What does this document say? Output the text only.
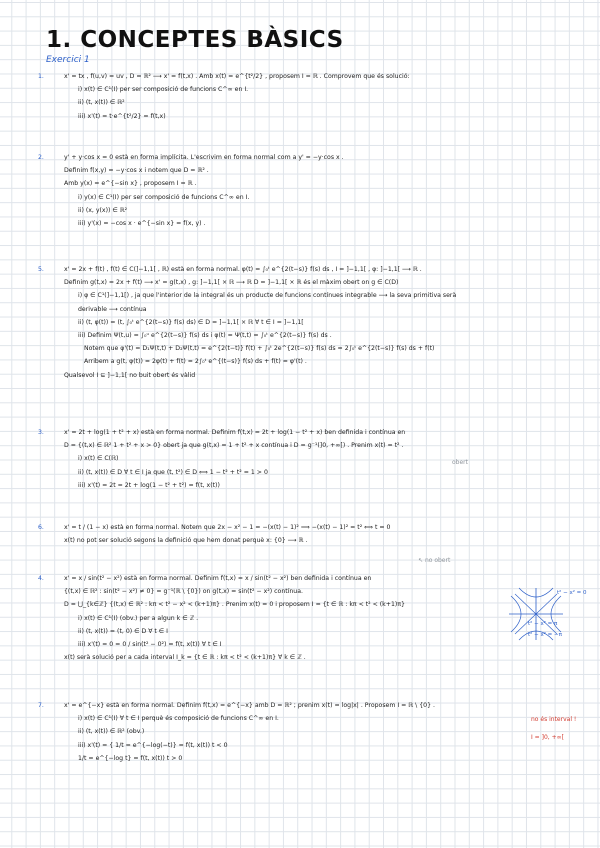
1. CONCEPTES BÀSICS
Exercici 1
1.	x' = tx , f(u,v) = uv , D = ℝ² ⟶ x' = f(t,x) . Amb x(t) = e^{t²/2} , proposem I = ℝ . Comprovem que és solució:
i) x(t) ∈ C¹(I) per ser composició de funcions C^∞ en I.
ii) (t, x(t)) ∈ ℝ²
iii) x'(t) = t·e^{t²/2} = f(t,x)
2.	y' + y·cos x = 0 està en forma implícita. L'escrivim en forma normal com a y' = −y·cos x .
Definim f(x,y) = −y·cos x i notem que D = ℝ² .
Amb y(x) = e^{−sin x} , proposem I = ℝ .
i) y(x) ∈ C¹(I) per ser composició de funcions C^∞ en I.
ii) (x, y(x)) ∈ ℝ²
iii) y'(x) = −cos x · e^{−sin x} = f(x, y) .
5.	x' = 2x + f(t) , f(t) ∈ C(]−1,1[ , ℝ) està en forma normal. φ(t) = ∫₀ᵗ e^{2(t−s)} f(s) ds , I = ]−1,1[ , φ: ]−1,1[ ⟶ ℝ .
Definim g(t,x) = 2x + f(t) ⟶ x' = g(t,x) , g: ]−1,1[ × ℝ ⟶ ℝ D = ]−1,1[ × ℝ és el màxim obert on g ∈ C(D)
i) φ ∈ C¹(]−1,1[) , ja que l'interior de la integral és un producte de funcions contínues integrable ⟶ la seva primitiva serà
derivable ⟶ contínua
ii) (t, φ(t)) = (t, ∫₀ᵗ e^{2(t−s)} f(s) ds) ∈ D = ]−1,1[ × ℝ ∀ t ∈ I = ]−1,1[
iii) Definim Ψ(t,u) = ∫₀ᵘ e^{2(t−s)} f(s) ds i φ(t) = Ψ(t,t) = ∫₀ᵗ e^{2(t−s)} f(s) ds .
Notem que φ'(t) = D₁Ψ(t,t) + D₂Ψ(t,t) = e^{2(t−t)} f(t) + ∫₀ᵗ 2e^{2(t−s)} f(s) ds = 2∫₀ᵗ e^{2(t−s)} f(s) ds + f(t)
Arribem a g(t, φ(t)) = 2φ(t) + f(t) = 2∫₀ᵗ e^{(t−s)} f(s) ds + f(t) = φ'(t) .
Qualsevol I ⊆ ]−1,1[ no buit obert és vàlid
3.	x' = 2t + log(1 + t² + x) està en forma normal. Definim f(t,x) = 2t + log(1 − t² + x) ben definida i contínua en
D = {(t,x) ∈ ℝ² 1 + t² + x > 0} obert ja que g(t,x) = 1 + t² + x contínua i D = g⁻¹(]0, +∞[) . Prenim x(t) = t² .
i) x(t) ∈ C(ℝ)
ii) (t, x(t)) ∈ D ∀ t ∈ I ja que (t, t²) ∈ D ⟺ 1 − t² + t² = 1 > 0
iii) x'(t) = 2t = 2t + log(1 − t² + t²) = f(t, x(t))
obert
6.	x' = t / (1 − x) està en forma normal. Notem que 2x − x² − 1 = −(x(t) − 1)² ⟹ −(x(t) − 1)² = t² ⟺ t = 0
x(t) no pot ser solució segons la definició que hem donat perquè x: {0} ⟶ ℝ .
↖ no obert
4.	x' = x / sin(t² − x²) està en forma normal. Definim f(t,x) = x / sin(t² − x²) ben definida i contínua en
{(t,x) ∈ ℝ² : sin(t² − x²) ≠ 0} = g⁻¹(ℝ \ {0}) on g(t,x) = sin(t² − x²) contínua.
D = ⋃_{k∈ℤ} {(t,x) ∈ ℝ² : kπ < t² − x² < (k+1)π} . Prenim x(t) = 0 i proposem I = {t ∈ ℝ : kπ < t² < (k+1)π}
i) x(t) ∈ C¹(I) (obv.) per a algun k ∈ ℤ .
ii) (t, x(t)) = (t, 0) ∈ D ∀ t ∈ I
iii) x'(t) = 0 = 0 / sin(t² − 0²) = f(t, x(t)) ∀ t ∈ I
x(t) serà solució per a cada interval I_k = {t ∈ ℝ : kπ < t² < (k+1)π} ∀ k ∈ ℤ .
t² − x² = 0
t² − x² = π
t² − x² = −π
7.	x' = e^{−x} està en forma normal. Definim f(t,x) = e^{−x} amb D = ℝ² ; prenim x(t) = log|x| . Proposem I = ℝ \ {0} .
i) x(t) ∈ C¹(I) ∀ t ∈ I perquè és composició de funcions C^∞ en I.
ii) (t, x(t)) ∈ ℝ² (obv.)
iii) x'(t) = { 1/t = e^{−log(−t)} = f(t, x(t)) t < 0
1/t = e^{−log t} = f(t, x(t)) t > 0
no és interval !
I = ]0, +∞[
